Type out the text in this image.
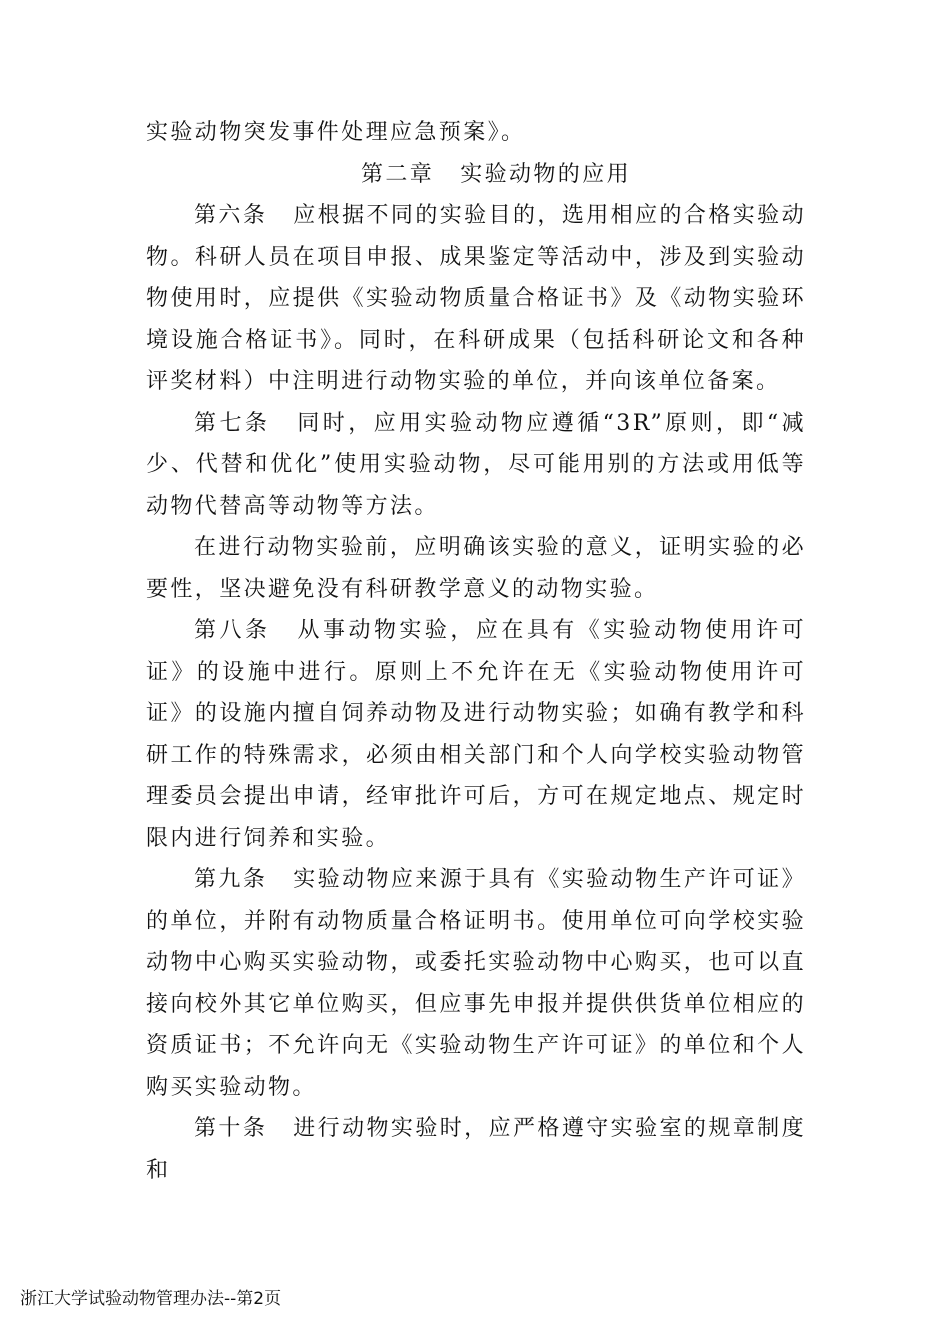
实验动物突发事件处理应急预案》。

第二章 实验动物的应用

第六条 应根据不同的实验目的，选用相应的合格实验动物。科研人员在项目申报、成果鉴定等活动中，涉及到实验动物使用时，应提供《实验动物质量合格证书》及《动物实验环境设施合格证书》。同时，在科研成果（包括科研论文和各种评奖材料）中注明进行动物实验的单位，并向该单位备案。

第七条 同时，应用实验动物应遵循“3R”原则，即“减少、代替和优化”使用实验动物，尽可能用别的方法或用低等动物代替高等动物等方法。

在进行动物实验前，应明确该实验的意义，证明实验的必要性，坚决避免没有科研教学意义的动物实验。

第八条 从事动物实验，应在具有《实验动物使用许可证》的设施中进行。原则上不允许在无《实验动物使用许可证》的设施内擅自饲养动物及进行动物实验；如确有教学和科研工作的特殊需求，必须由相关部门和个人向学校实验动物管理委员会提出申请，经审批许可后，方可在规定地点、规定时限内进行饲养和实验。

第九条 实验动物应来源于具有《实验动物生产许可证》的单位，并附有动物质量合格证明书。使用单位可向学校实验动物中心购买实验动物，或委托实验动物中心购买，也可以直接向校外其它单位购买，但应事先申报并提供供货单位相应的资质证书；不允许向无《实验动物生产许可证》的单位和个人购买实验动物。

第十条 进行动物实验时，应严格遵守实验室的规章制度和

浙江大学试验动物管理办法--第2页
